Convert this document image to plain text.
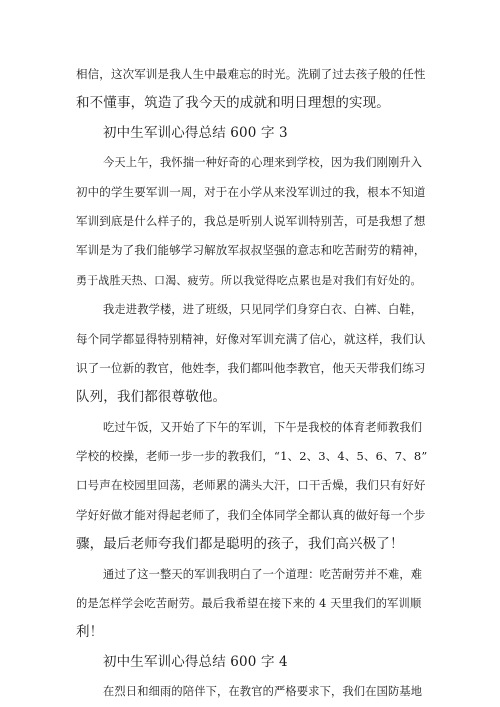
相信，这次军训是我人生中最难忘的时光。洗刷了过去孩子般的任性
和不懂事，筑造了我今天的成就和明日理想的实现。
初中生军训心得总结 600 字 3
今天上午，我怀揣一种好奇的心理来到学校，因为我们刚刚升入
初中的学生要军训一周，对于在小学从来没军训过的我，根本不知道
军训到底是什么样子的，我总是听别人说军训特别苦，可是我想了想
军训是为了我们能够学习解放军叔叔坚强的意志和吃苦耐劳的精神，
勇于战胜天热、口渴、疲劳。所以我觉得吃点累也是对我们有好处的。
我走进教学楼，进了班级，只见同学们身穿白衣、白裤、白鞋，
每个同学都显得特别精神，好像对军训充满了信心，就这样，我们认
识了一位新的教官，他姓李，我们都叫他李教官，他天天带我们练习
队列，我们都很尊敬他。
吃过午饭，又开始了下午的军训，下午是我校的体育老师教我们
学校的校操，老师一步一步的教我们，“1、2、3、4、5、6、7、8”
口号声在校园里回荡，老师累的满头大汗，口干舌燥，我们只有好好
学好好做才能对得起老师了，我们全体同学全都认真的做好每一个步
骤，最后老师夸我们都是聪明的孩子，我们高兴极了！
通过了这一整天的军训我明白了一个道理：吃苦耐劳并不难，难
的是怎样学会吃苦耐劳。最后我希望在接下来的 4 天里我们的军训顺
利！
初中生军训心得总结 600 字 4
在烈日和细雨的陪伴下，在教官的严格要求下，我们在国防基地
